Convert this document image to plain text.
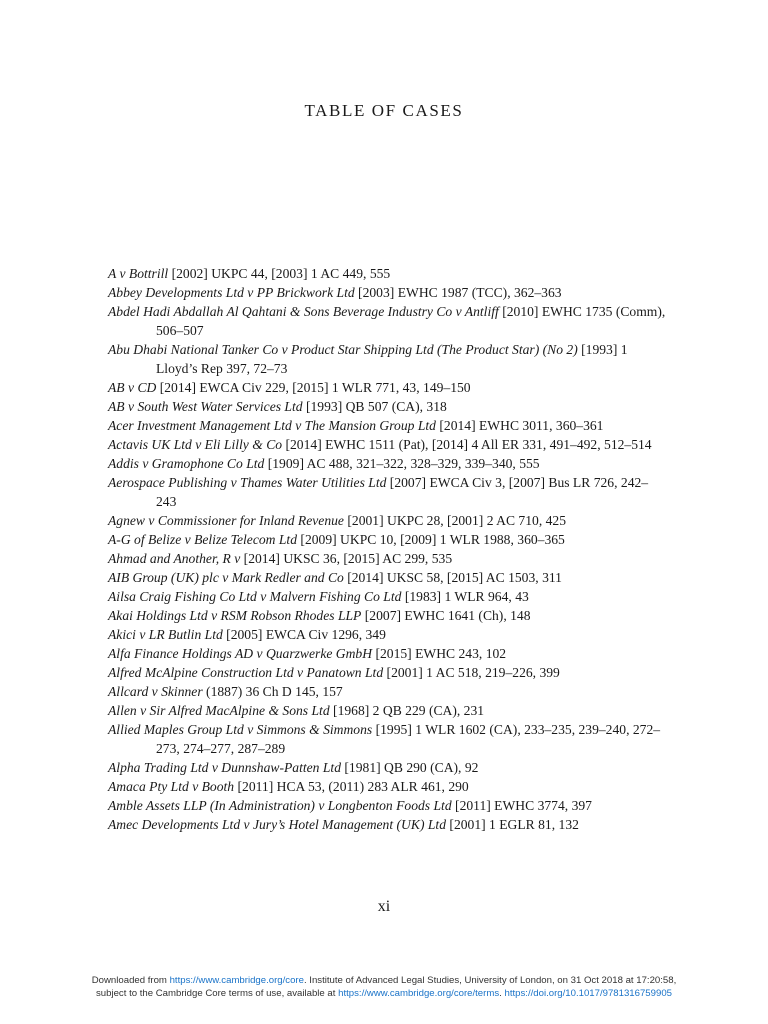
TABLE OF CASES

A v Bottrill [2002] UKPC 44, [2003] 1 AC 449, 555

Abbey Developments Ltd v PP Brickwork Ltd [2003] EWHC 1987 (TCC), 362–363

Abdel Hadi Abdallah Al Qahtani & Sons Beverage Industry Co v Antliff [2010] EWHC 1735 (Comm), 506–507

Abu Dhabi National Tanker Co v Product Star Shipping Ltd (The Product Star) (No 2) [1993] 1 Lloyd’s Rep 397, 72–73

AB v CD [2014] EWCA Civ 229, [2015] 1 WLR 771, 43, 149–150

AB v South West Water Services Ltd [1993] QB 507 (CA), 318

Acer Investment Management Ltd v The Mansion Group Ltd [2014] EWHC 3011, 360–361

Actavis UK Ltd v Eli Lilly & Co [2014] EWHC 1511 (Pat), [2014] 4 All ER 331, 491–492, 512–514

Addis v Gramophone Co Ltd [1909] AC 488, 321–322, 328–329, 339–340, 555

Aerospace Publishing v Thames Water Utilities Ltd [2007] EWCA Civ 3, [2007] Bus LR 726, 242–243

Agnew v Commissioner for Inland Revenue [2001] UKPC 28, [2001] 2 AC 710, 425

A-G of Belize v Belize Telecom Ltd [2009] UKPC 10, [2009] 1 WLR 1988, 360–365

Ahmad and Another, R v [2014] UKSC 36, [2015] AC 299, 535

AIB Group (UK) plc v Mark Redler and Co [2014] UKSC 58, [2015] AC 1503, 311

Ailsa Craig Fishing Co Ltd v Malvern Fishing Co Ltd [1983] 1 WLR 964, 43

Akai Holdings Ltd v RSM Robson Rhodes LLP [2007] EWHC 1641 (Ch), 148

Akici v LR Butlin Ltd [2005] EWCA Civ 1296, 349

Alfa Finance Holdings AD v Quarzwerke GmbH [2015] EWHC 243, 102

Alfred McAlpine Construction Ltd v Panatown Ltd [2001] 1 AC 518, 219–226, 399

Allcard v Skinner (1887) 36 Ch D 145, 157

Allen v Sir Alfred MacAlpine & Sons Ltd [1968] 2 QB 229 (CA), 231

Allied Maples Group Ltd v Simmons & Simmons [1995] 1 WLR 1602 (CA), 233–235, 239–240, 272–273, 274–277, 287–289

Alpha Trading Ltd v Dunnshaw-Patten Ltd [1981] QB 290 (CA), 92

Amaca Pty Ltd v Booth [2011] HCA 53, (2011) 283 ALR 461, 290

Amble Assets LLP (In Administration) v Longbenton Foods Ltd [2011] EWHC 3774, 397

Amec Developments Ltd v Jury’s Hotel Management (UK) Ltd [2001] 1 EGLR 81, 132

xi
Downloaded from https://www.cambridge.org/core. Institute of Advanced Legal Studies, University of London, on 31 Oct 2018 at 17:20:58,
subject to the Cambridge Core terms of use, available at https://www.cambridge.org/core/terms. https://doi.org/10.1017/9781316759905
